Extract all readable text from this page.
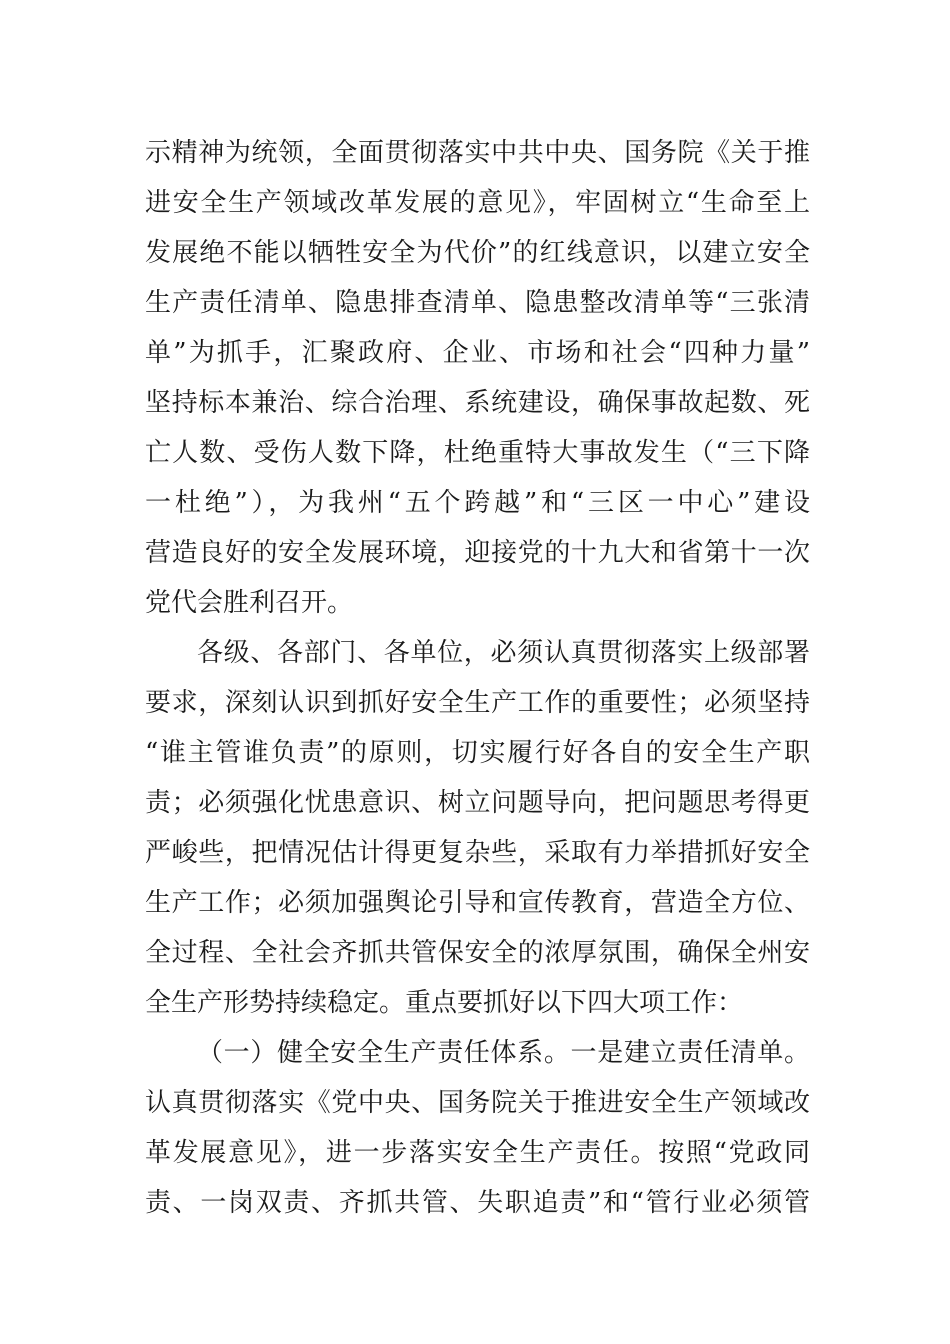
示精神为统领，全面贯彻落实中共中央、国务院《关于推
进安全生产领域改革发展的意见》，牢固树立“生命至上
发展绝不能以牺牲安全为代价”的红线意识，以建立安全
生产责任清单、隐患排查清单、隐患整改清单等“三张清
单”为抓手，汇聚政府、企业、市场和社会“四种力量”
坚持标本兼治、综合治理、系统建设，确保事故起数、死
亡人数、受伤人数下降，杜绝重特大事故发生（“三下降
一杜绝”），为我州“五个跨越”和“三区一中心”建设
营造良好的安全发展环境，迎接党的十九大和省第十一次
党代会胜利召开。
各级、各部门、各单位，必须认真贯彻落实上级部署
要求，深刻认识到抓好安全生产工作的重要性；必须坚持
“谁主管谁负责”的原则，切实履行好各自的安全生产职
责；必须强化忧患意识、树立问题导向，把问题思考得更
严峻些，把情况估计得更复杂些，采取有力举措抓好安全
生产工作；必须加强舆论引导和宣传教育，营造全方位、
全过程、全社会齐抓共管保安全的浓厚氛围，确保全州安
全生产形势持续稳定。重点要抓好以下四大项工作：
（一）健全安全生产责任体系。一是建立责任清单。
认真贯彻落实《党中央、国务院关于推进安全生产领域改
革发展意见》，进一步落实安全生产责任。按照“党政同
责、一岗双责、齐抓共管、失职追责”和“管行业必须管
